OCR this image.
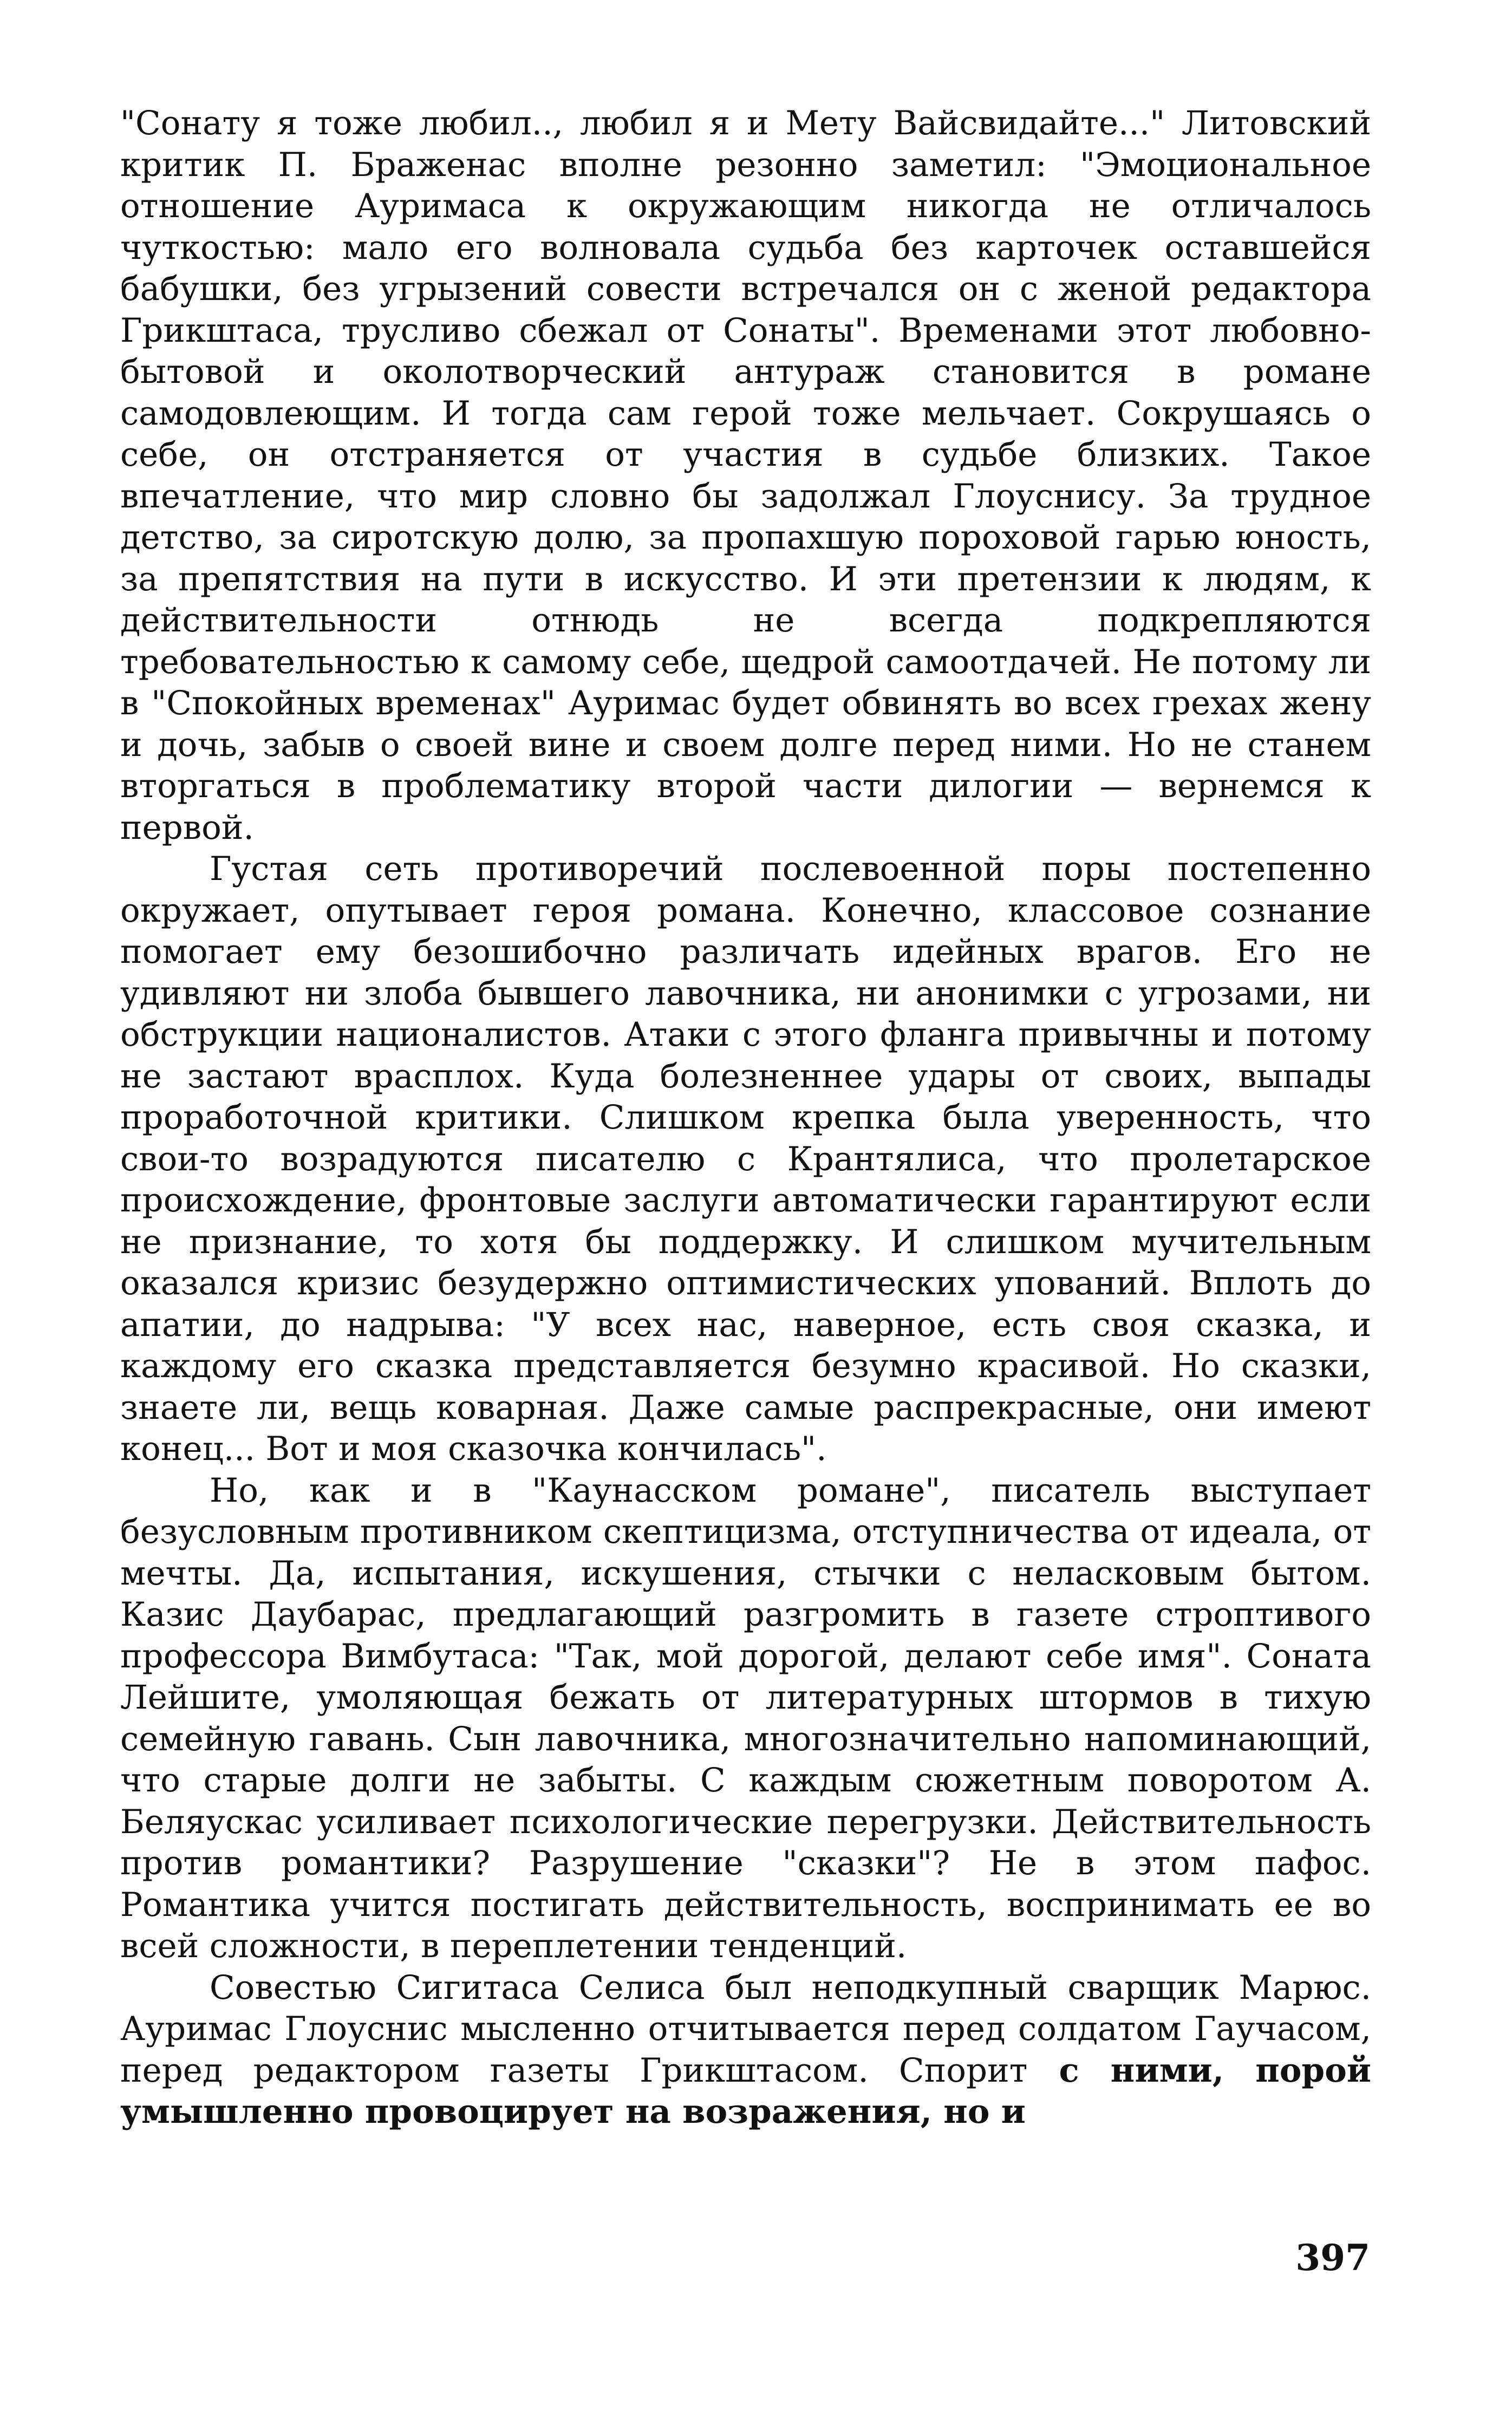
"Сонату я тоже любил.., любил я и Мету Вайсвидайте..." Литовский критик П. Браженас вполне резонно заметил: "Эмоциональное отношение Ауримаса к окружающим никогда не отличалось чуткостью: мало его волновала судьба без карточек оставшейся бабушки, без угрызений совести встречался он с женой редактора Грикштаса, трусливо сбежал от Сонаты". Временами этот любовно-бытовой и околотворческий антураж становится в романе самодовлеющим. И тогда сам герой тоже мельчает. Сокрушаясь о себе, он отстраняется от участия в судьбе близких. Такое впечатление, что мир словно бы задолжал Глоуснису. За трудное детство, за сиротскую долю, за пропахшую пороховой гарью юность, за препятствия на пути в искусство. И эти претензии к людям, к действительности отнюдь не всегда подкрепляются требовательностью к самому себе, щедрой самоотдачей. Не потому ли в "Спокойных временах" Ауримас будет обвинять во всех грехах жену и дочь, забыв о своей вине и своем долге перед ними. Но не станем вторгаться в проблематику второй части дилогии — вернемся к первой.

Густая сеть противоречий послевоенной поры постепенно окружает, опутывает героя романа. Конечно, классовое сознание помогает ему безошибочно различать идейных врагов. Его не удивляют ни злоба бывшего лавочника, ни анонимки с угрозами, ни обструкции националистов. Атаки с этого фланга привычны и потому не застают врасплох. Куда болезненнее удары от своих, выпады проработочной критики. Слишком крепка была уверенность, что свои-то возрадуются писателю с Крантялиса, что пролетарское происхождение, фронтовые заслуги автоматически гарантируют если не признание, то хотя бы поддержку. И слишком мучительным оказался кризис безудержно оптимистических упований. Вплоть до апатии, до надрыва: "У всех нас, наверное, есть своя сказка, и каждому его сказка представляется безумно красивой. Но сказки, знаете ли, вещь коварная. Даже самые распрекрасные, они имеют конец... Вот и моя сказочка кончилась".

Но, как и в "Каунасском романе", писатель выступает безусловным противником скептицизма, отступничества от идеала, от мечты. Да, испытания, искушения, стычки с неласковым бытом. Казис Даубарас, предлагающий разгромить в газете строптивого профессора Вимбутаса: "Так, мой дорогой, делают себе имя". Соната Лейшите, умоляющая бежать от литературных штормов в тихую семейную гавань. Сын лавочника, многозначительно напоминающий, что старые долги не забыты. С каждым сюжетным поворотом А. Беляускас усиливает психологические перегрузки. Действительность против романтики? Разрушение "сказки"? Не в этом пафос. Романтика учится постигать действительность, воспринимать ее во всей сложности, в переплетении тенденций.

Совестью Сигитаса Селиса был неподкупный сварщик Марюс. Ауримас Глоуснис мысленно отчитывается перед солдатом Гаучасом, перед редактором газеты Грикштасом. Спорит с ними, порой умышленно провоцирует на возражения, но и

397
